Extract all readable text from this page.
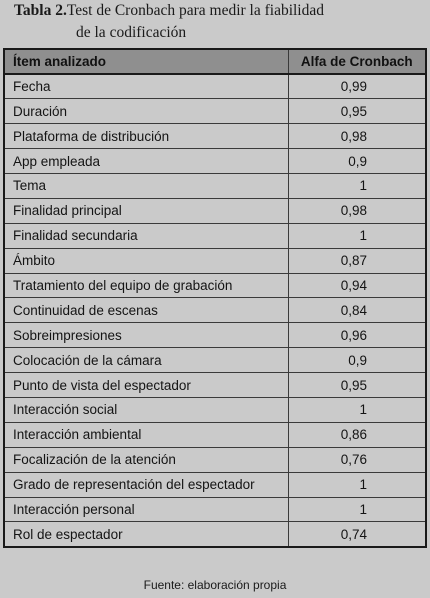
Tabla 2.Test de Cronbach para medir la fiabilidad
de la codificación
Ítem analizado	Alfa de Cronbach
Fecha	0,99
Duración	0,95
Plataforma de distribución	0,98
App empleada	0,9
Tema	1
Finalidad principal	0,98
Finalidad secundaria	1
Ámbito	0,87
Tratamiento del equipo de grabación	0,94
Continuidad de escenas	0,84
Sobreimpresiones	0,96
Colocación de la cámara	0,9
Punto de vista del espectador	0,95
Interacción social	1
Interacción ambiental	0,86
Focalización de la atención	0,76
Grado de representación del espectador	1
Interacción personal	1
Rol de espectador	0,74
Fuente: elaboración propia
